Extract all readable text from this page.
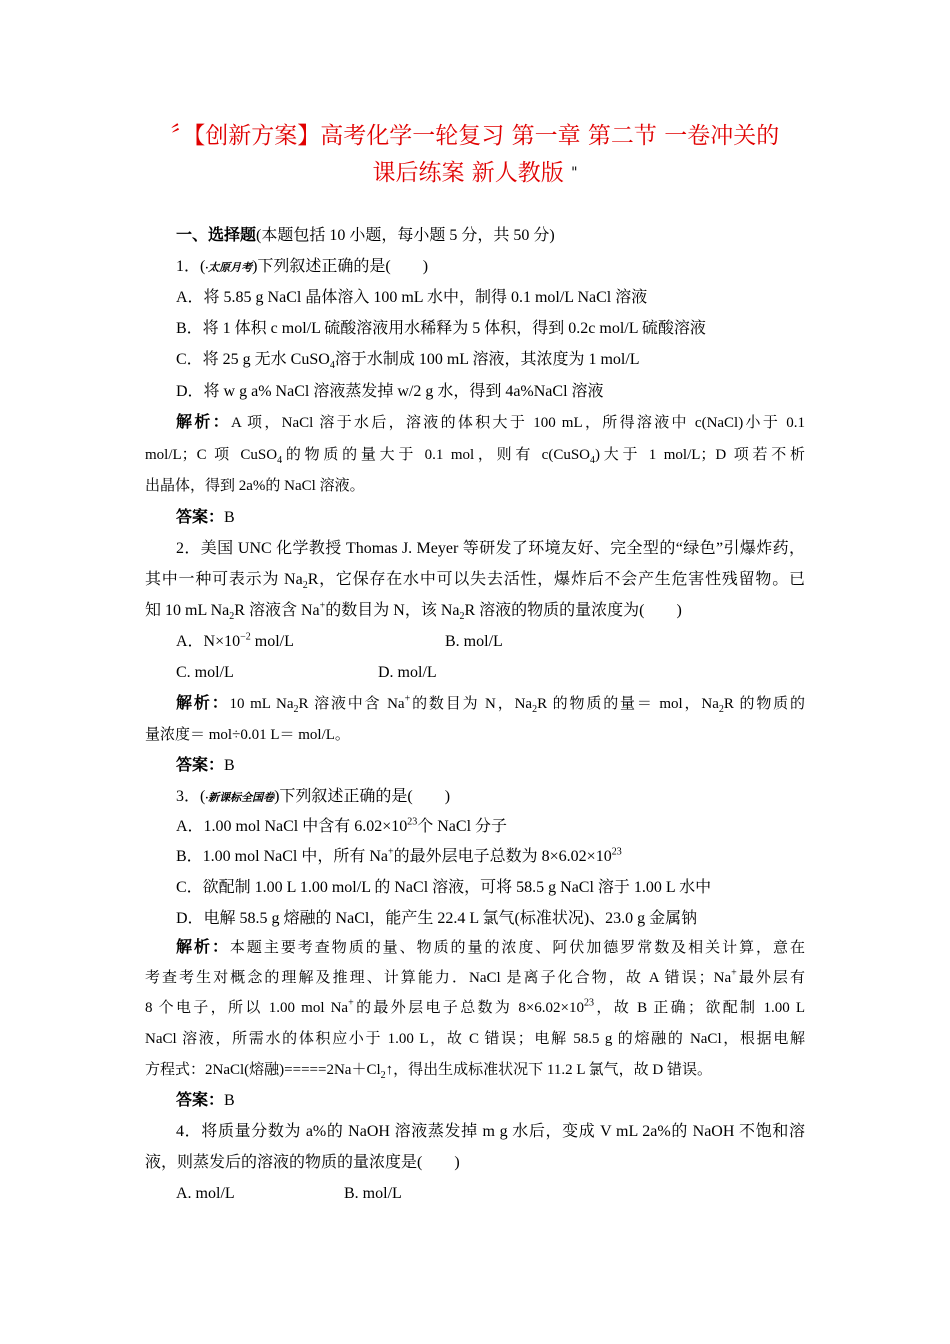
〞【创新方案】高考化学一轮复习 第一章 第二节 一卷冲关的
课后练案 新人教版 "
一、选择题(本题包括 10 小题，每小题 5 分，共 50 分)
1．(·太原月考)下列叙述正确的是(　　)
A．将 5.85 g NaCl 晶体溶入 100 mL 水中，制得 0.1 mol/L NaCl 溶液
B．将 1 体积 c mol/L 硫酸溶液用水稀释为 5 体积，得到 0.2c mol/L 硫酸溶液
C．将 25 g 无水 CuSO$_4$溶于水制成 100 mL 溶液，其浓度为 1 mol/L
D．将 w g a% NaCl 溶液蒸发掉 w/2 g 水，得到 4a%NaCl 溶液
解析：A 项，NaCl 溶于水后，溶液的体积大于 100 mL，所得溶液中 c(NaCl)小于 0.1
mol/L；C 项 CuSO$_4$的物质的量大于 0.1 mol，则有 c(CuSO$_4$)大于 1 mol/L；D 项若不析
出晶体，得到 2a%的 NaCl 溶液。
答案：B
2．美国 UNC 化学教授 Thomas J. Meyer 等研发了环境友好、完全型的“绿色”引爆炸药，
其中一种可表示为 $Na_2R$，它保存在水中可以失去活性，爆炸后不会产生危害性残留物。已
知 10 mL $Na_2R$ 溶液含 Na+的数目为 N，该 $Na_2R$ 溶液的物质的量浓度为(　　)
A．$N\times 10^{-2}$ mol/L	B. mol/L
C. mol/L	D. mol/L
解析：10 mL $Na_2R$ 溶液中含 Na+的数目为 N，$Na_2R$ 的物质的量＝ mol，$Na_2R$ 的物质的
量浓度＝ mol÷0.01 L＝ mol/L。
答案：B
3．(·新课标全国卷)下列叙述正确的是(　　)
A．1.00 mol NaCl 中含有 $6.02\times 10^{23}$个 NaCl 分子
B．1.00 mol NaCl 中，所有 Na+的最外层电子总数为 $8\times 6.02\times 10^{23}$
C．欲配制 1.00 L 1.00 mol/L 的 NaCl 溶液，可将 58.5 g NaCl 溶于 1.00 L 水中
D．电解 58.5 g 熔融的 NaCl，能产生 22.4 L 氯气(标准状况)、23.0 g 金属钠
解析：本题主要考查物质的量、物质的量的浓度、阿伏加德罗常数及相关计算，意在
考查考生对概念的理解及推理、计算能力．NaCl 是离子化合物，故 A 错误；Na+最外层有
8 个电子，所以 1.00 mol Na+的最外层电子总数为 $8\times 6.02\times 10^{23}$，故 B 正确；欲配制 1.00 L
NaCl 溶液，所需水的体积应小于 1.00 L，故 C 错误；电解 58.5 g 的熔融的 NaCl，根据电解
方程式：2NaCl(熔融)$=====2Na+Cl_2↑$，得出生成标准状况下 11.2 L 氯气，故 D 错误。
答案：B
4．将质量分数为 a%的 NaOH 溶液蒸发掉 m g 水后，变成 V mL 2a%的 NaOH 不饱和溶
液，则蒸发后的溶液的物质的量浓度是(　　)
A. mol/L	B. mol/L
